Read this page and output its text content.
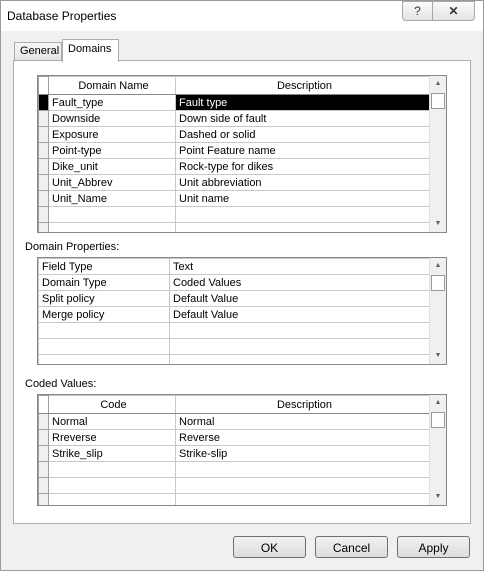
Database Properties	?	✕
General Domains
	Domain Name	Description
	Fault_type	Fault type
	Downside	Down side of fault
	Exposure	Dashed or solid
	Point-type	Point Feature name
	Dike_unit	Rock-type for dikes
	Unit_Abbrev	Unit abbreviation
	Unit_Name	Unit name

▲
▼
Domain Properties:
Field Type	Text
Domain Type	Coded Values
Split policy	Default Value
Merge policy	Default Value

▲
▼
Coded Values:
	Code	Description
	Normal	Normal
	Rreverse	Reverse
	Strike_slip	Strike-slip

▲
▼
OK	Cancel	Apply
